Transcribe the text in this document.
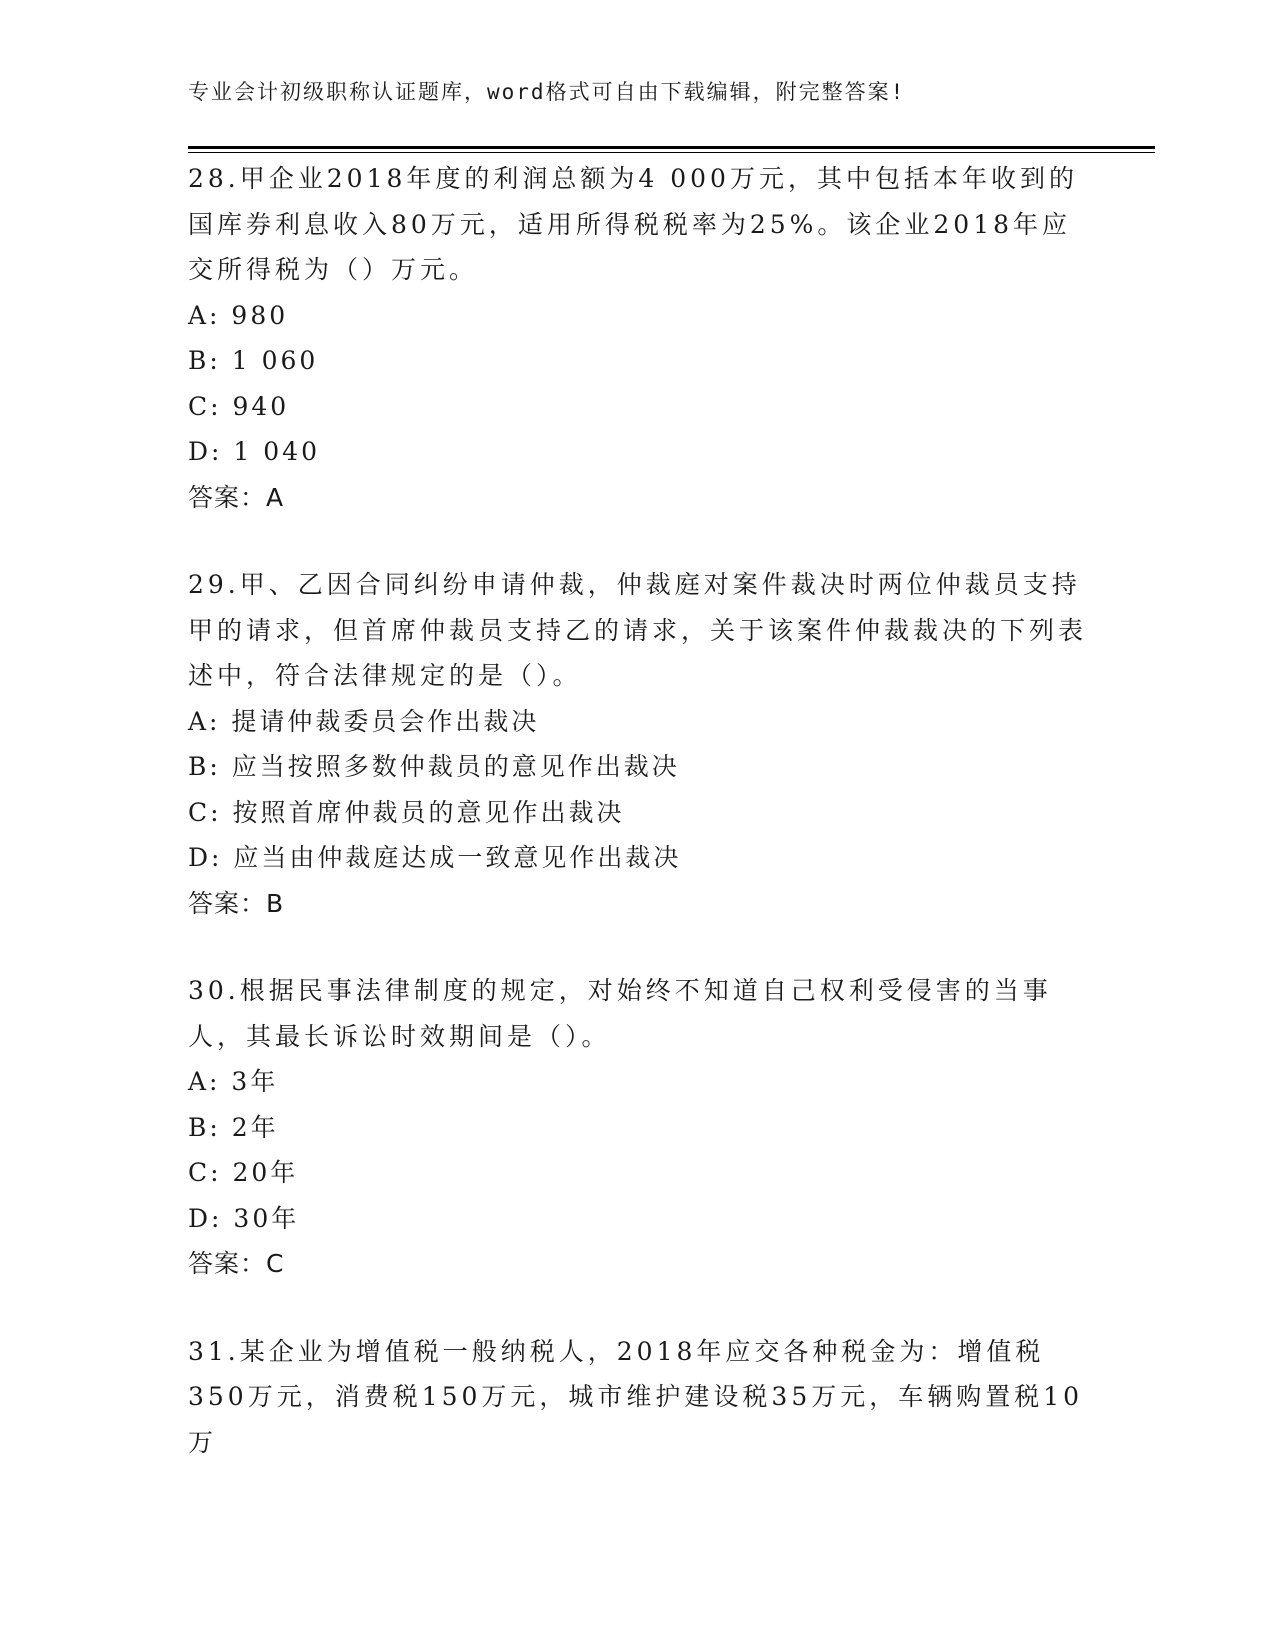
专业会计初级职称认证题库，word格式可自由下载编辑，附完整答案!

28.甲企业2018年度的利润总额为4 000万元，其中包括本年收到的国库券利息收入80万元，适用所得税税率为25%。该企业2018年应交所得税为（）万元。

A: 980

B: 1 060

C: 940

D: 1 040

答案：A

29.甲、乙因合同纠纷申请仲裁，仲裁庭对案件裁决时两位仲裁员支持甲的请求，但首席仲裁员支持乙的请求，关于该案件仲裁裁决的下列表述中，符合法律规定的是（）。

A: 提请仲裁委员会作出裁决

B: 应当按照多数仲裁员的意见作出裁决

C: 按照首席仲裁员的意见作出裁决

D: 应当由仲裁庭达成一致意见作出裁决

答案：B

30.根据民事法律制度的规定，对始终不知道自己权利受侵害的当事人，其最长诉讼时效期间是（）。

A: 3年

B: 2年

C: 20年

D: 30年

答案：C

31.某企业为增值税一般纳税人，2018年应交各种税金为：增值税350万元，消费税150万元，城市维护建设税35万元，车辆购置税10万
